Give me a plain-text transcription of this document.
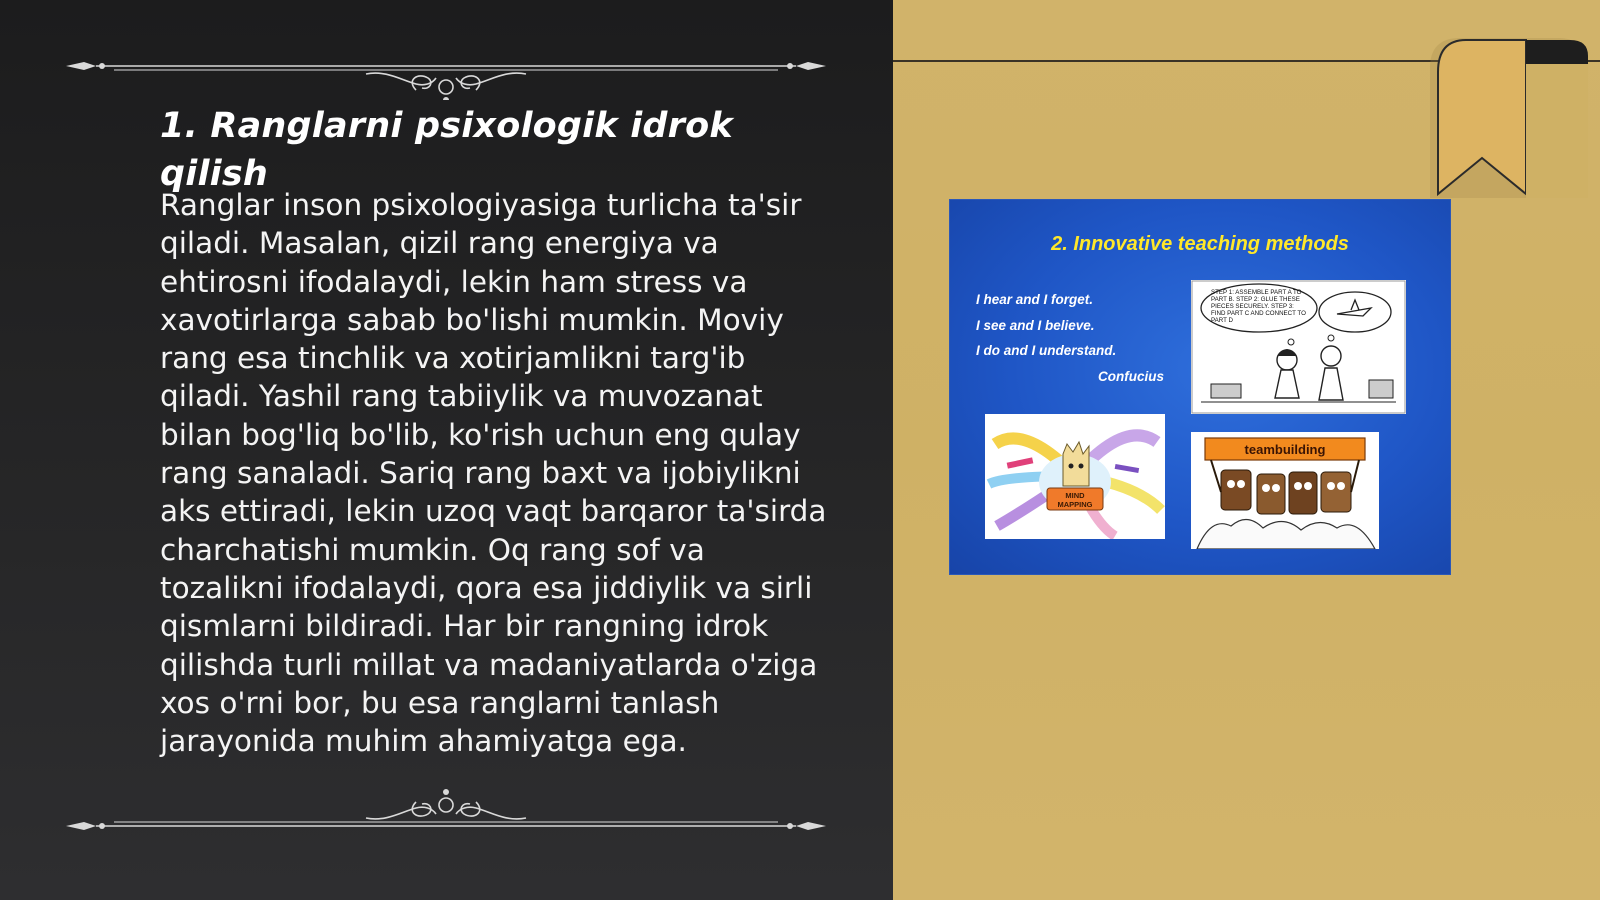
1. Ranglarni psixologik idrok qilish

Ranglar inson psixologiyasiga turlicha ta'sir
qiladi. Masalan, qizil rang energiya va
ehtirosni ifodalaydi, lekin ham stress va
xavotirlarga sabab bo'lishi mumkin. Moviy
rang esa tinchlik va xotirjamlikni targ'ib
qiladi. Yashil rang tabiiylik va muvozanat
bilan bog'liq bo'lib, ko'rish uchun eng qulay
rang sanaladi. Sariq rang baxt va ijobiylikni
aks ettiradi, lekin uzoq vaqt barqaror ta'sirda
charchatishi mumkin. Oq rang sof va
tozalikni ifodalaydi, qora esa jiddiylik va sirli
qismlarni bildiradi. Har bir rangning idrok
qilishda turli millat va madaniyatlarda o'ziga
xos o'rni bor, bu esa ranglarni tanlash
jarayonida muhim ahamiyatga ega.

2. Innovative teaching methods
I hear and I forget.
I see and I believe.
I do and I understand.
Confucius
STEP 1: ASSEMBLE PART A TO PART B. STEP 2: GLUE THESE PIECES SECURELY. STEP 3: FIND PART C AND CONNECT TO PART D
MIND
MAPPING
teambuilding
